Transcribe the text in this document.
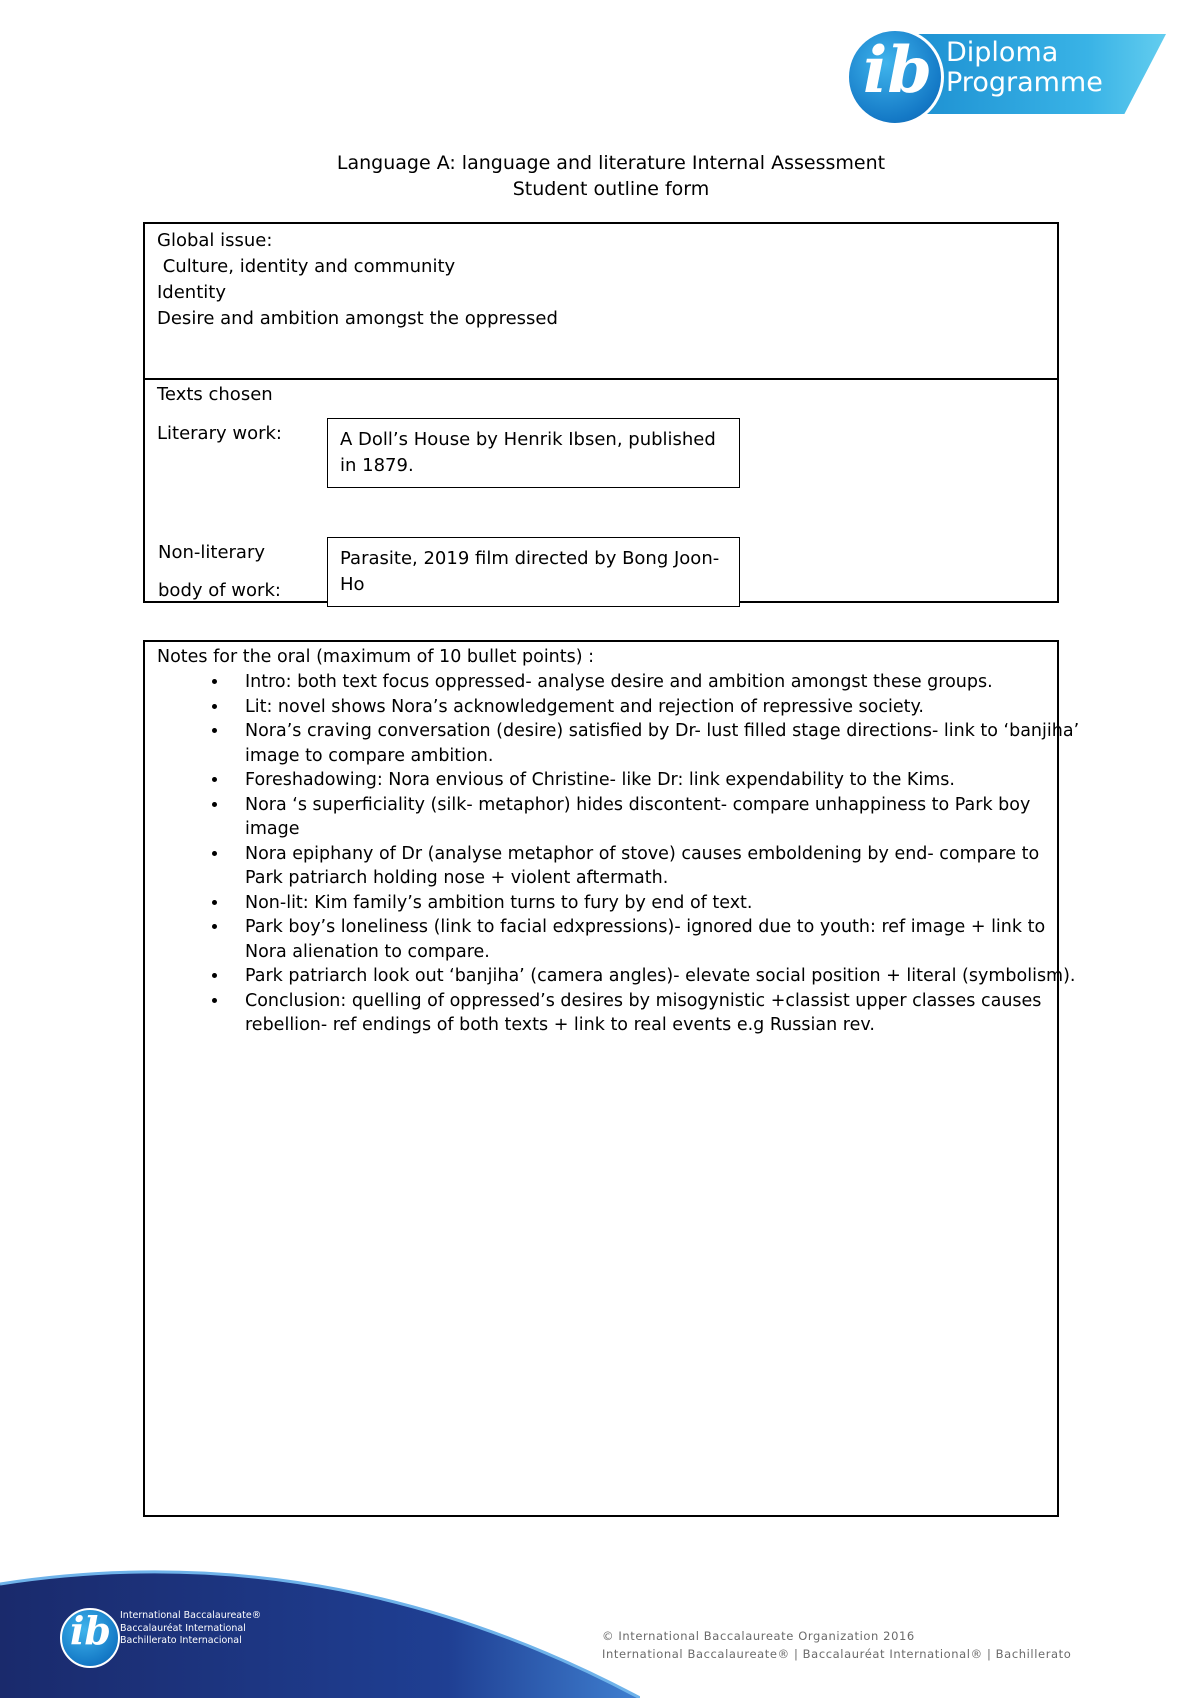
Diploma
Programme
ib
Language A: language and literature Internal Assessment
Student outline form
Global issue:
Culture, identity and community
Identity
Desire and ambition amongst the oppressed
Texts chosen
Literary work:	A Doll’s House by Henrik Ibsen, published in 1879.
Non-literary
body of work:
Parasite, 2019 film directed by Bong Joon-Ho
Notes for the oral (maximum of 10 bullet points) :
• Intro: both text focus oppressed- analyse desire and ambition amongst these groups.
• Lit: novel shows Nora’s acknowledgement and rejection of repressive society.
• Nora’s craving conversation (desire) satisfied by Dr- lust filled stage directions- link to ‘banjiha’ image to compare ambition.
• Foreshadowing: Nora envious of Christine- like Dr: link expendability to the Kims.
• Nora ‘s superficiality (silk- metaphor) hides discontent- compare unhappiness to Park boy image
• Nora epiphany of Dr (analyse metaphor of stove) causes emboldening by end- compare to Park patriarch holding nose + violent aftermath.
• Non-lit: Kim family’s ambition turns to fury by end of text.
• Park boy’s loneliness (link to facial edxpressions)- ignored due to youth: ref image + link to Nora alienation to compare.
• Park patriarch look out ‘banjiha’ (camera angles)- elevate social position + literal (symbolism).
• Conclusion: quelling of oppressed’s desires by misogynistic +classist upper classes causes rebellion- ref endings of both texts + link to real events e.g Russian rev.
ib International Baccalaureate®
Baccalauréat International
Bachillerato Internacional	© International Baccalaureate Organization 2016
International Baccalaureate® | Baccalauréat International® | Bachillerato
